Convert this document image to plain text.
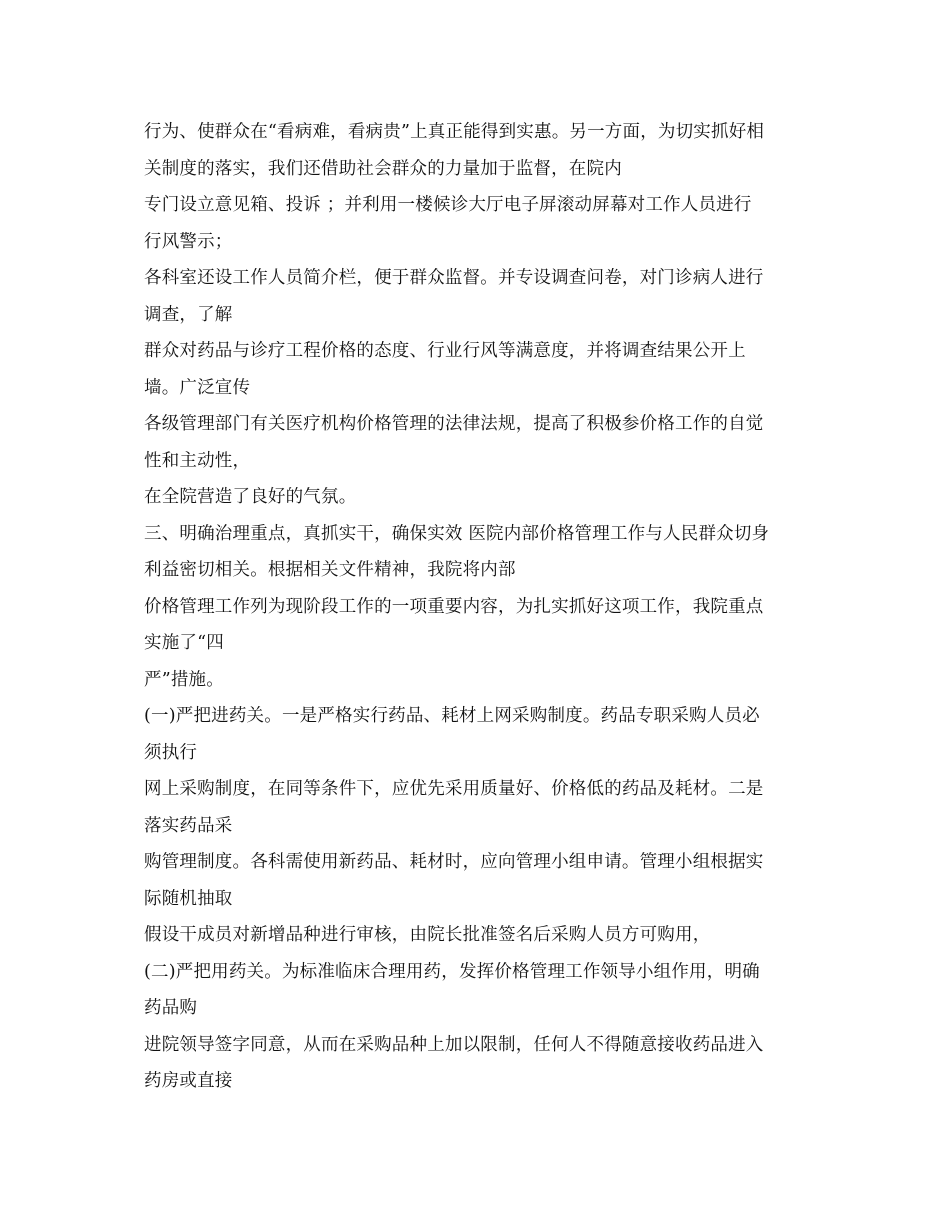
行为、使群众在“看病难，看病贵”上真正能得到实惠。另一方面，为切实抓好相
关制度的落实，我们还借助社会群众的力量加于监督，在院内
专门设立意见箱、投诉 ；并利用一楼候诊大厅电子屏滚动屏幕对工作人员进行
行风警示；
各科室还设工作人员简介栏，便于群众监督。并专设调查问卷，对门诊病人进行
调查，了解
群众对药品与诊疗工程价格的态度、行业行风等满意度，并将调查结果公开上
墙。广泛宣传
各级管理部门有关医疗机构价格管理的法律法规，提高了积极参价格工作的自觉
性和主动性，
在全院营造了良好的气氛。
三、明确治理重点，真抓实干，确保实效 医院内部价格管理工作与人民群众切身
利益密切相关。根据相关文件精神，我院将内部
价格管理工作列为现阶段工作的一项重要内容，为扎实抓好这项工作，我院重点
实施了“四
严”措施。
(一)严把进药关。一是严格实行药品、耗材上网采购制度。药品专职采购人员必
须执行
网上采购制度，在同等条件下，应优先采用质量好、价格低的药品及耗材。二是
落实药品采
购管理制度。各科需使用新药品、耗材时，应向管理小组申请。管理小组根据实
际随机抽取
假设干成员对新增品种进行审核，由院长批准签名后采购人员方可购用，
(二)严把用药关。为标准临床合理用药，发挥价格管理工作领导小组作用，明确
药品购
进院领导签字同意，从而在采购品种上加以限制，任何人不得随意接收药品进入
药房或直接
